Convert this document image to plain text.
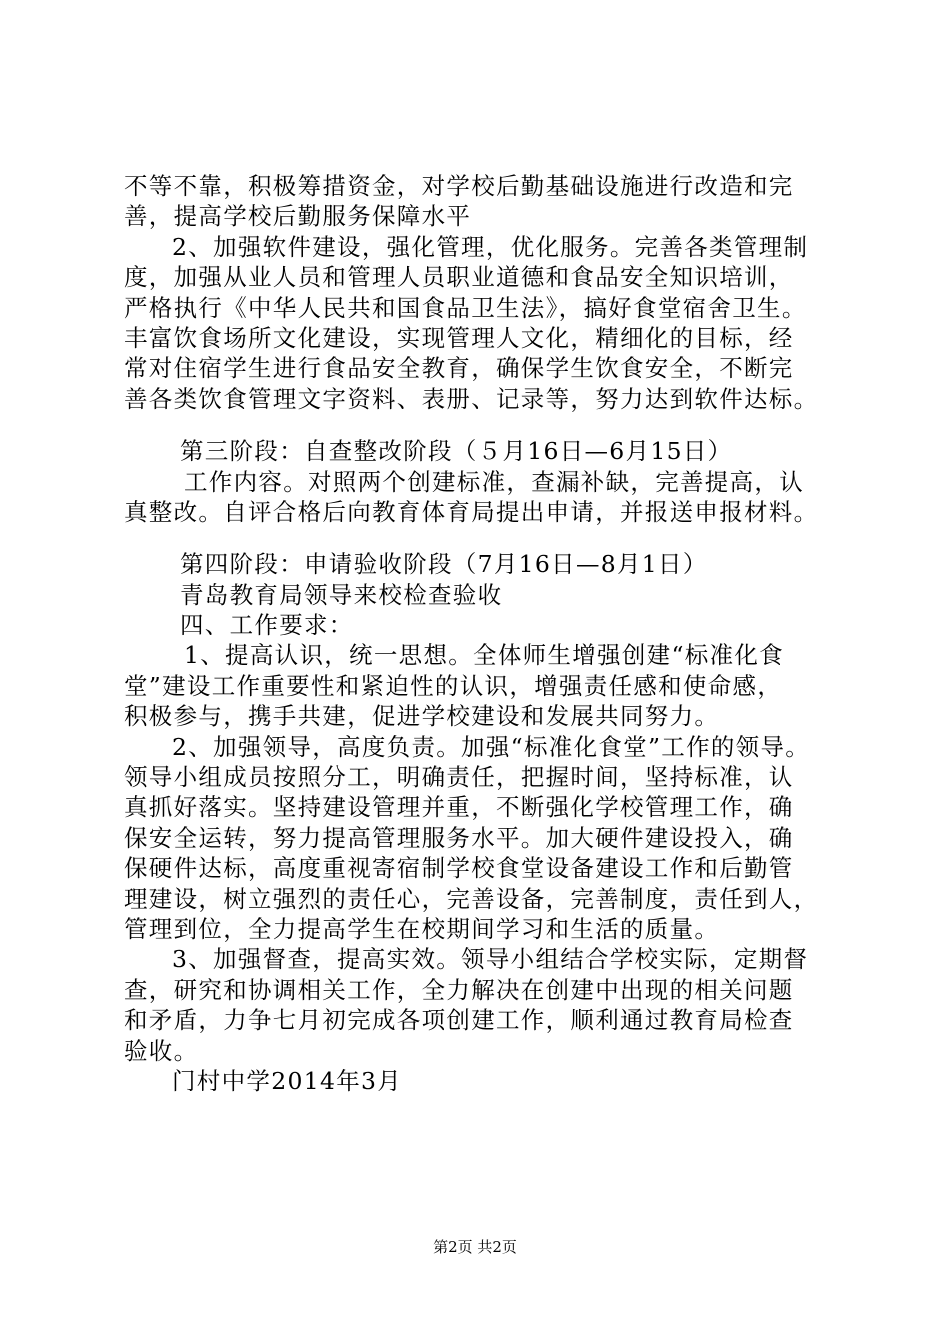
不等不靠，积极筹措资金，对学校后勤基础设施进行改造和完
善，提高学校后勤服务保障水平
2、加强软件建设，强化管理，优化服务。完善各类管理制
度，加强从业人员和管理人员职业道德和食品安全知识培训，
严格执行《中华人民共和国食品卫生法》，搞好食堂宿舍卫生。
丰富饮食场所文化建设，实现管理人文化，精细化的目标，经
常对住宿学生进行食品安全教育，确保学生饮食安全，不断完
善各类饮食管理文字资料、表册、记录等，努力达到软件达标。
第三阶段：自查整改阶段（５月16日—6月15日）
工作内容。对照两个创建标准，查漏补缺，完善提高，认
真整改。自评合格后向教育体育局提出申请，并报送申报材料。
第四阶段：申请验收阶段（7月16日—8月1日）
青岛教育局领导来校检查验收
四、工作要求：
1、提高认识，统一思想。全体师生增强创建“标准化食
堂”建设工作重要性和紧迫性的认识，增强责任感和使命感，
积极参与，携手共建，促进学校建设和发展共同努力。
2、加强领导，高度负责。加强“标准化食堂”工作的领导。
领导小组成员按照分工，明确责任，把握时间，坚持标准，认
真抓好落实。坚持建设管理并重，不断强化学校管理工作，确
保安全运转，努力提高管理服务水平。加大硬件建设投入，确
保硬件达标，高度重视寄宿制学校食堂设备建设工作和后勤管
理建设，树立强烈的责任心，完善设备，完善制度，责任到人，
管理到位，全力提高学生在校期间学习和生活的质量。
3、加强督查，提高实效。领导小组结合学校实际，定期督
查，研究和协调相关工作，全力解决在创建中出现的相关问题
和矛盾，力争七月初完成各项创建工作，顺利通过教育局检查
验收。
门村中学2014年3月
第2页 共2页
